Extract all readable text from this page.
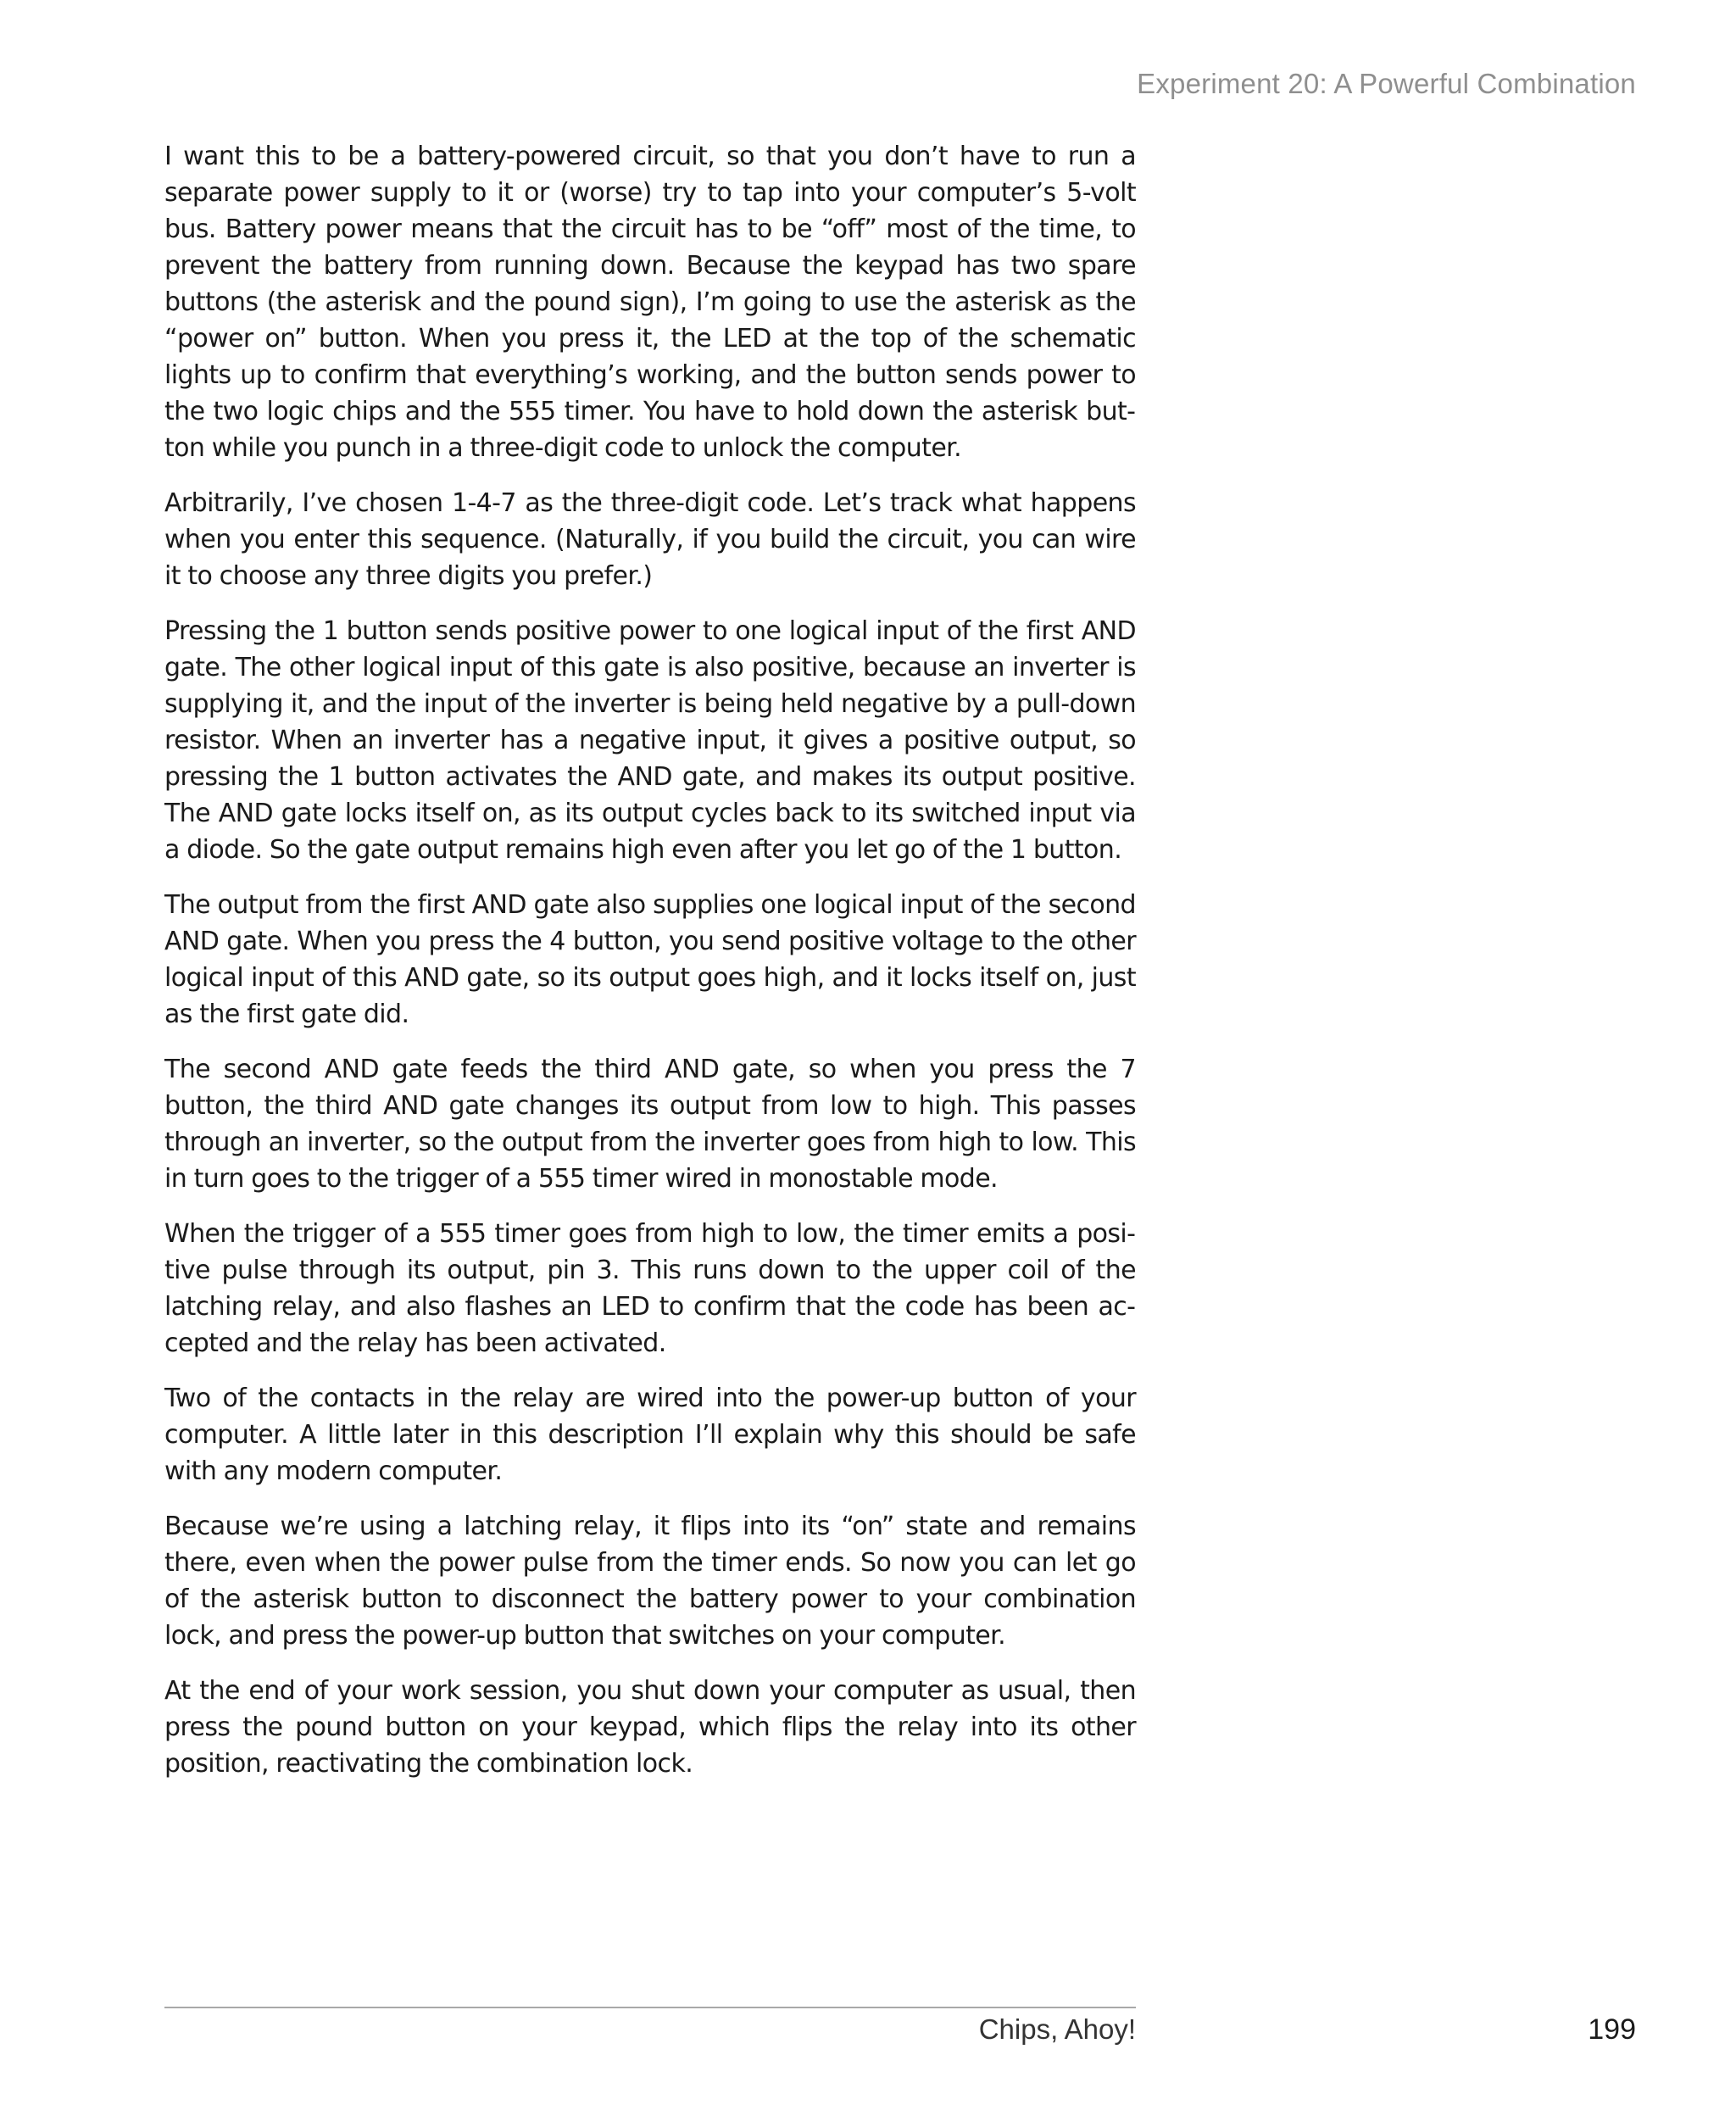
Experiment 20: A Powerful Combination

I want this to be a battery-powered circuit, so that you don’t have to run a separate power supply to it or (worse) try to tap into your computer’s 5-volt bus. Battery power means that the circuit has to be “off” most of the time, to prevent the battery from running down. Because the keypad has two spare buttons (the asterisk and the pound sign), I’m going to use the asterisk as the “power on” button. When you press it, the LED at the top of the schematic lights up to confirm that everything’s working, and the button sends power to the two logic chips and the 555 timer. You have to hold down the asterisk button while you punch in a three-digit code to unlock the computer.

Arbitrarily, I’ve chosen 1-4-7 as the three-digit code. Let’s track what happens when you enter this sequence. (Naturally, if you build the circuit, you can wire it to choose any three digits you prefer.)

Pressing the 1 button sends positive power to one logical input of the first AND gate. The other logical input of this gate is also positive, because an inverter is supplying it, and the input of the inverter is being held negative by a pull-down resistor. When an inverter has a negative input, it gives a positive output, so pressing the 1 button activates the AND gate, and makes its output positive. The AND gate locks itself on, as its output cycles back to its switched input via a diode. So the gate output remains high even after you let go of the 1 button.

The output from the first AND gate also supplies one logical input of the second AND gate. When you press the 4 button, you send positive voltage to the other logical input of this AND gate, so its output goes high, and it locks itself on, just as the first gate did.

The second AND gate feeds the third AND gate, so when you press the 7 button, the third AND gate changes its output from low to high. This passes through an inverter, so the output from the inverter goes from high to low. This in turn goes to the trigger of a 555 timer wired in monostable mode.

When the trigger of a 555 timer goes from high to low, the timer emits a positive pulse through its output, pin 3. This runs down to the upper coil of the latching relay, and also flashes an LED to confirm that the code has been accepted and the relay has been activated.

Two of the contacts in the relay are wired into the power-up button of your computer. A little later in this description I’ll explain why this should be safe with any modern computer.

Because we’re using a latching relay, it flips into its “on” state and remains there, even when the power pulse from the timer ends. So now you can let go of the asterisk button to disconnect the battery power to your combination lock, and press the power-up button that switches on your computer.

At the end of your work session, you shut down your computer as usual, then press the pound button on your keypad, which flips the relay into its other position, reactivating the combination lock.

Chips, Ahoy!	199
